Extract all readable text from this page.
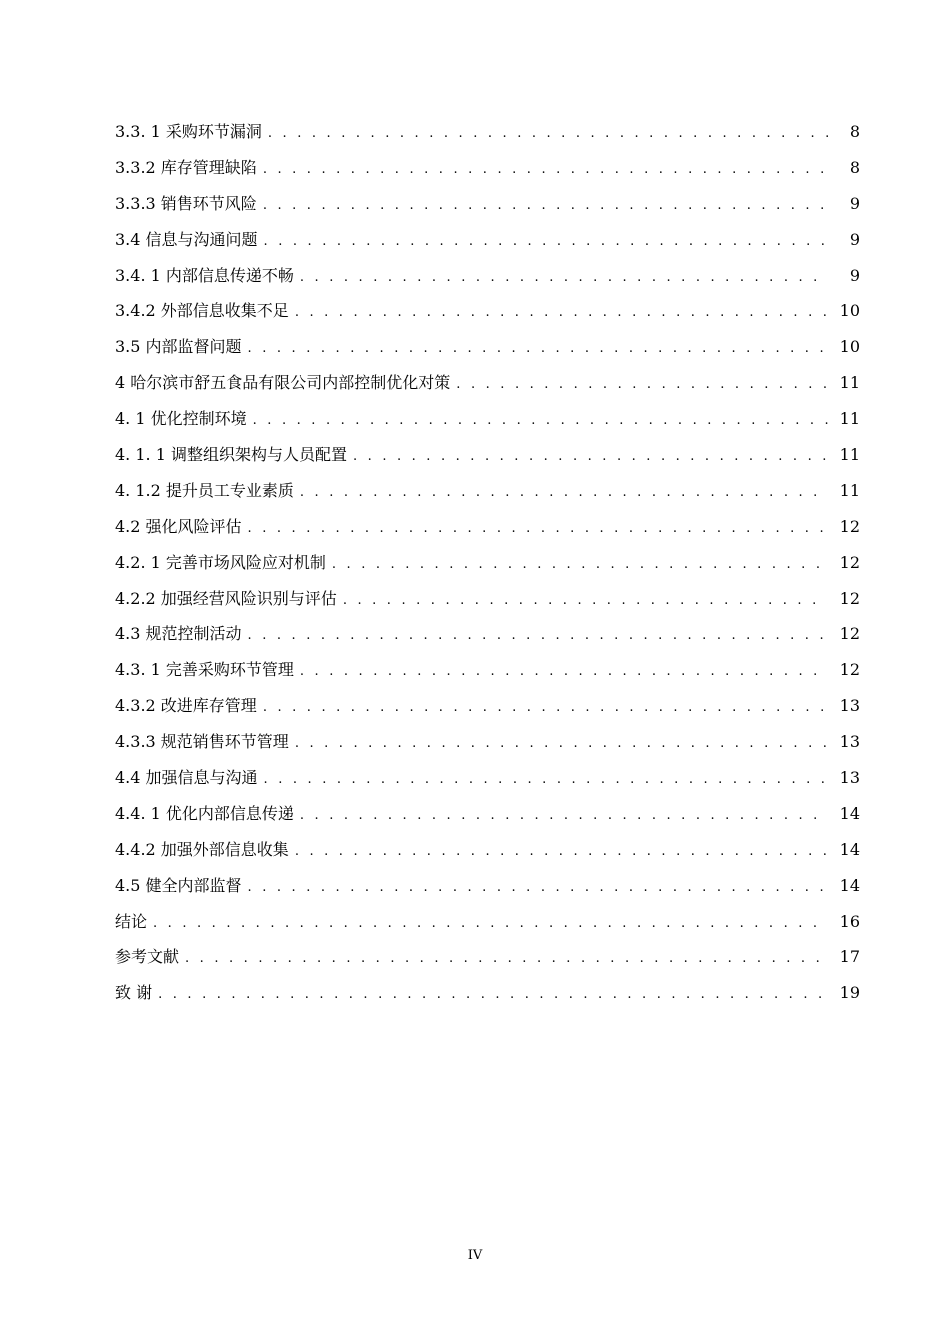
3.3. 1 采购环节漏洞 . . .	8
3.3.2 库存管理缺陷 . . .	8
3.3.3 销售环节风险 . . .	9
3.4 信息与沟通问题 . . .	9
3.4. 1 内部信息传递不畅 . . .	9
3.4.2 外部信息收集不足 . . .	10
3.5 内部监督问题 . . .	10
4 哈尔滨市舒五食品有限公司内部控制优化对策 . . .	11
4. 1 优化控制环境 . . .	11
4. 1. 1 调整组织架构与人员配置 . . .	11
4. 1.2 提升员工专业素质 . . .	11
4.2 强化风险评估 . . .	12
4.2. 1 完善市场风险应对机制 . . .	12
4.2.2 加强经营风险识别与评估 . . .	12
4.3 规范控制活动 . . .	12
4.3. 1 完善采购环节管理 . . .	12
4.3.2 改进库存管理 . . .	13
4.3.3 规范销售环节管理 . . .	13
4.4 加强信息与沟通 . . .	13
4.4. 1 优化内部信息传递 . . .	14
4.4.2 加强外部信息收集 . . .	14
4.5 健全内部监督 . . .	14
结论 . . .	16
参考文献 . . .	17
致 谢 . . .	19
IV
